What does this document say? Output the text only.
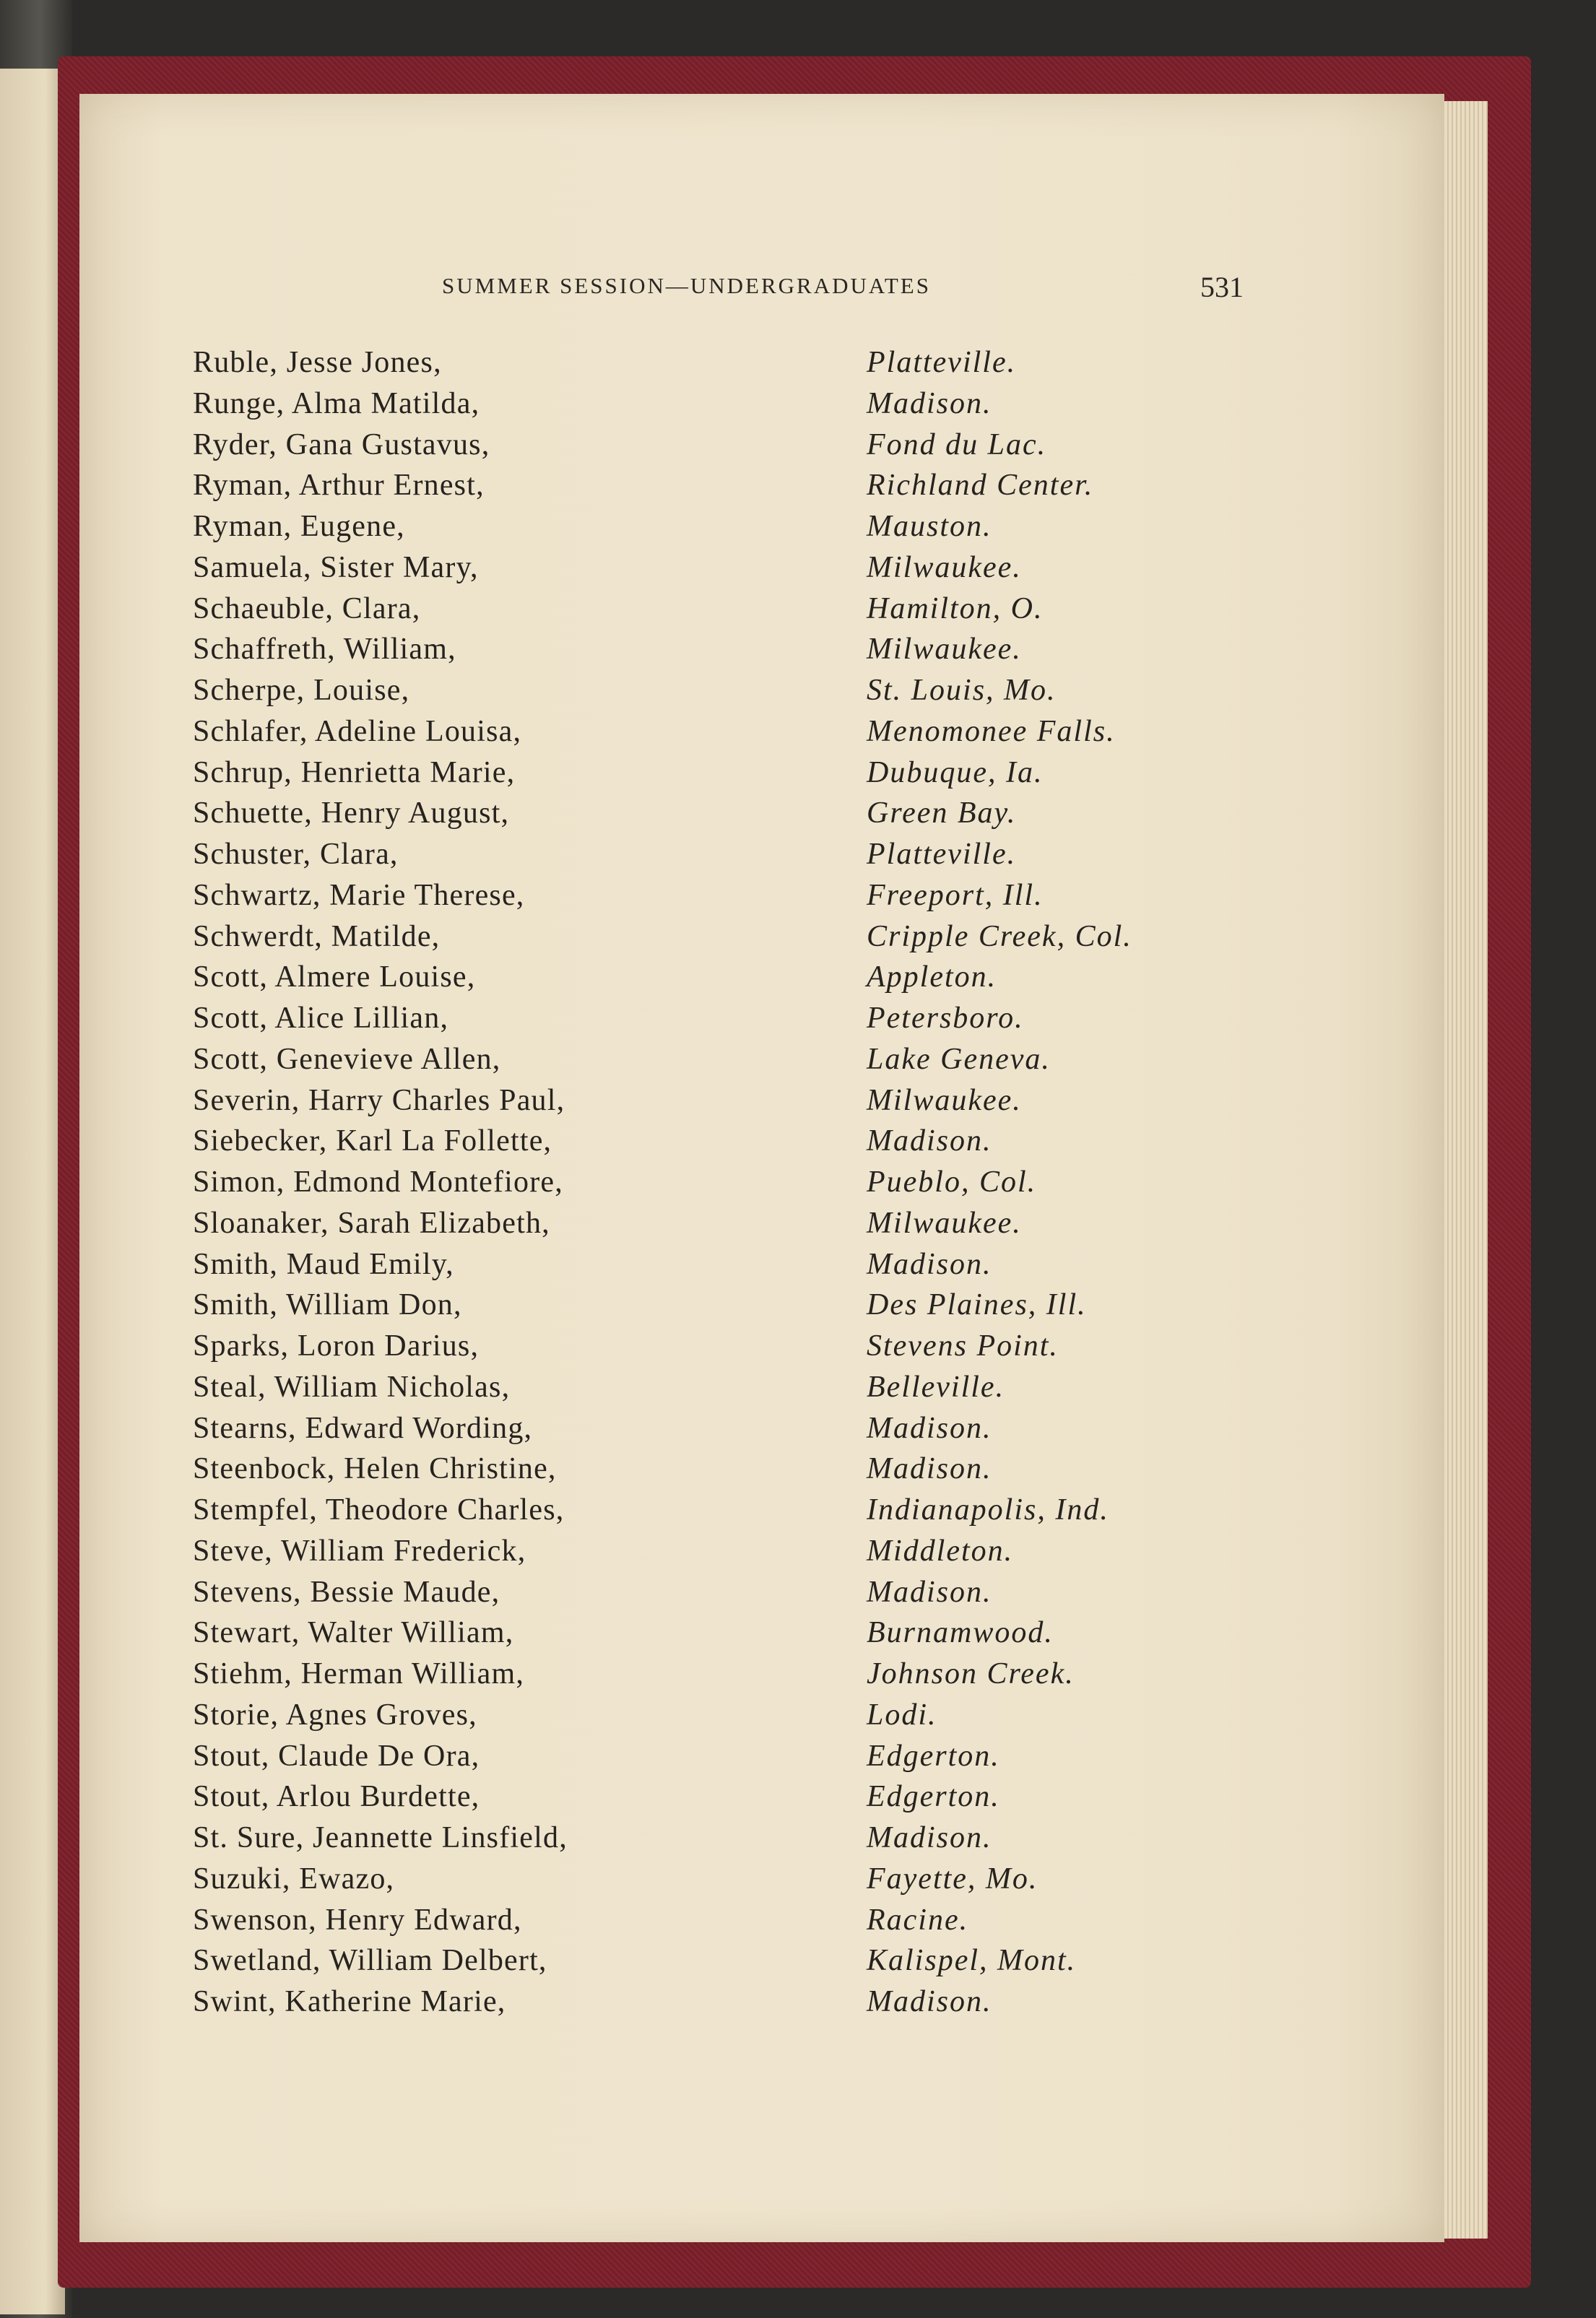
SUMMER SESSION—UNDERGRADUATES	531
Ruble, Jesse Jones,	Platteville.
Runge, Alma Matilda,	Madison.
Ryder, Gana Gustavus,	Fond du Lac.
Ryman, Arthur Ernest,	Richland Center.
Ryman, Eugene,	Mauston.
Samuela, Sister Mary,	Milwaukee.
Schaeuble, Clara,	Hamilton, O.
Schaffreth, William,	Milwaukee.
Scherpe, Louise,	St. Louis, Mo.
Schlafer, Adeline Louisa,	Menomonee Falls.
Schrup, Henrietta Marie,	Dubuque, Ia.
Schuette, Henry August,	Green Bay.
Schuster, Clara,	Platteville.
Schwartz, Marie Therese,	Freeport, Ill.
Schwerdt, Matilde,	Cripple Creek, Col.
Scott, Almere Louise,	Appleton.
Scott, Alice Lillian,	Petersboro.
Scott, Genevieve Allen,	Lake Geneva.
Severin, Harry Charles Paul,	Milwaukee.
Siebecker, Karl La Follette,	Madison.
Simon, Edmond Montefiore,	Pueblo, Col.
Sloanaker, Sarah Elizabeth,	Milwaukee.
Smith, Maud Emily,	Madison.
Smith, William Don,	Des Plaines, Ill.
Sparks, Loron Darius,	Stevens Point.
Steal, William Nicholas,	Belleville.
Stearns, Edward Wording,	Madison.
Steenbock, Helen Christine,	Madison.
Stempfel, Theodore Charles,	Indianapolis, Ind.
Steve, William Frederick,	Middleton.
Stevens, Bessie Maude,	Madison.
Stewart, Walter William,	Burnamwood.
Stiehm, Herman William,	Johnson Creek.
Storie, Agnes Groves,	Lodi.
Stout, Claude De Ora,	Edgerton.
Stout, Arlou Burdette,	Edgerton.
St. Sure, Jeannette Linsfield,	Madison.
Suzuki, Ewazo,	Fayette, Mo.
Swenson, Henry Edward,	Racine.
Swetland, William Delbert,	Kalispel, Mont.
Swint, Katherine Marie,	Madison.
